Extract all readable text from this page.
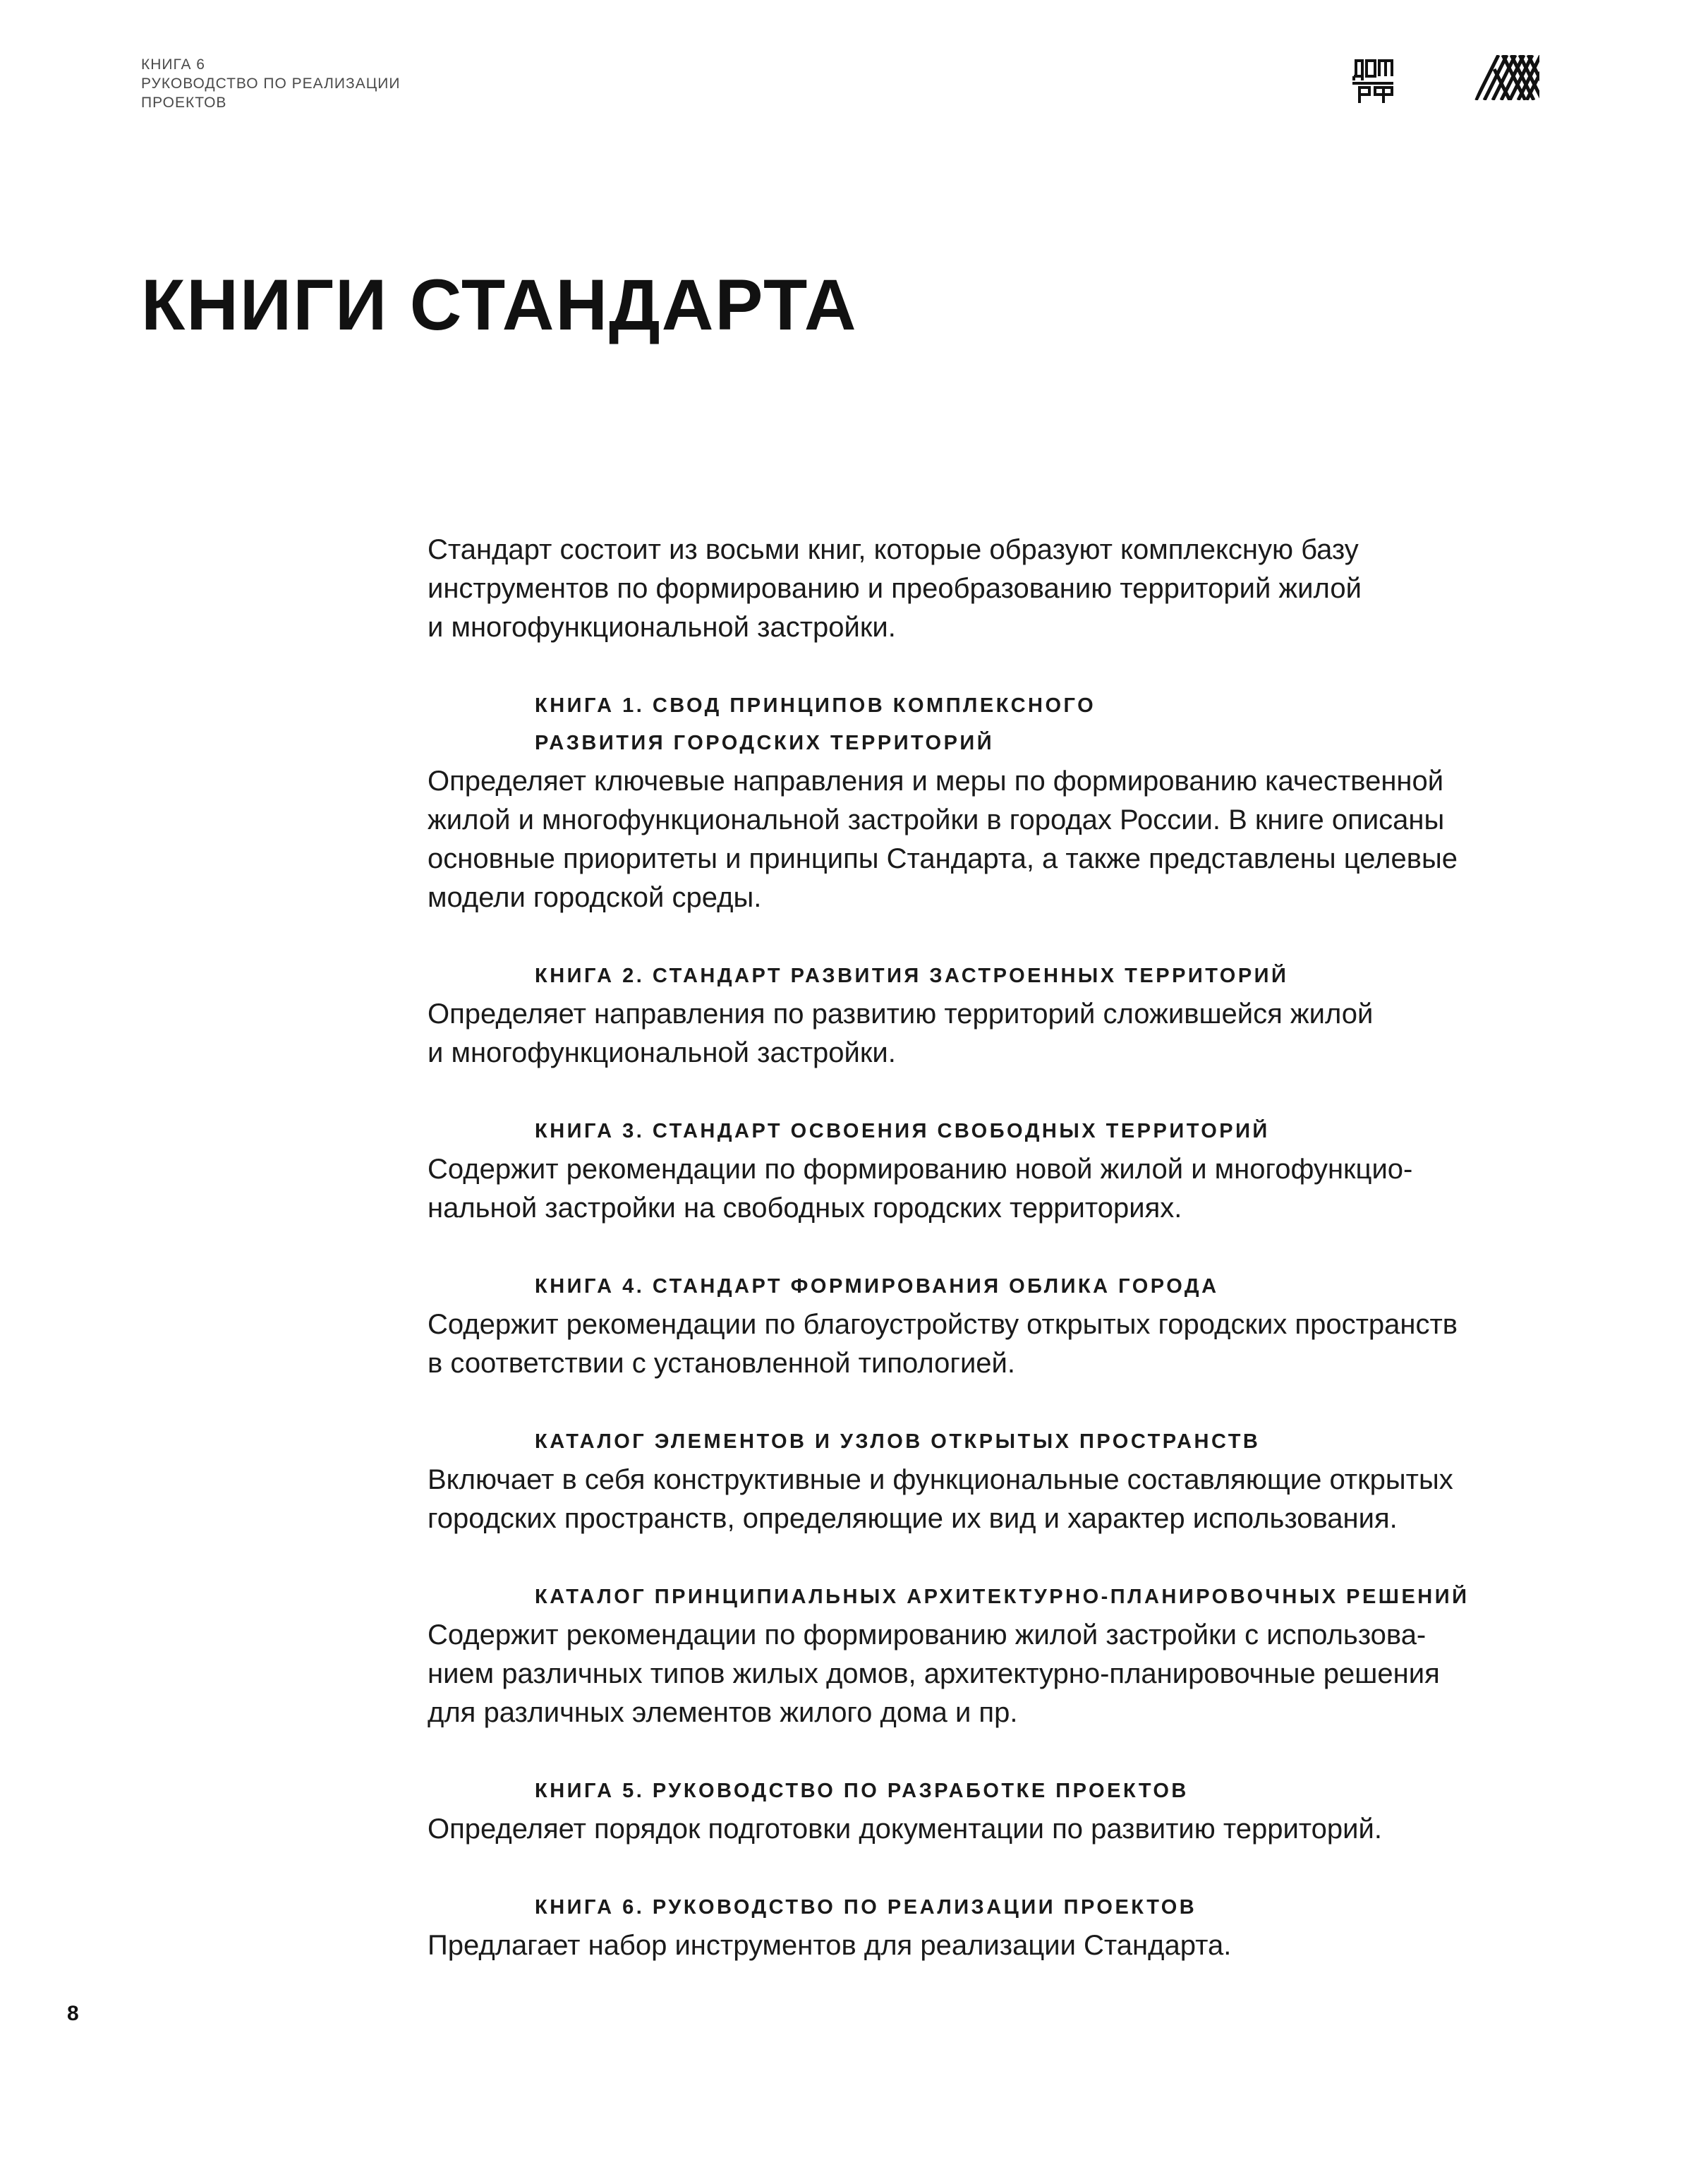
КНИГА 6
РУКОВОДСТВО ПО РЕАЛИЗАЦИИ
ПРОЕКТОВ
КНИГИ СТАНДАРТА

Стандарт состоит из восьми книг, которые образуют комплексную базу
инструментов по формированию и преобразованию территорий жилой
и многофункциональной застройки.

КНИГА 1. СВОД ПРИНЦИПОВ КОМПЛЕКСНОГО
РАЗВИТИЯ ГОРОДСКИХ ТЕРРИТОРИЙ
Определяет ключевые направления и меры по формированию качественной
жилой и многофункциональной застройки в городах России. В книге описаны
основные приоритеты и принципы Стандарта, а также представлены целевые
модели городской среды.
КНИГА 2. СТАНДАРТ РАЗВИТИЯ ЗАСТРОЕННЫХ ТЕРРИТОРИЙ
Определяет направления по развитию территорий сложившейся жилой
и многофункциональной застройки.
КНИГА 3. СТАНДАРТ ОСВОЕНИЯ СВОБОДНЫХ ТЕРРИТОРИЙ
Содержит рекомендации по формированию новой жилой и многофункцио-
нальной застройки на свободных городских территориях.
КНИГА 4. СТАНДАРТ ФОРМИРОВАНИЯ ОБЛИКА ГОРОДА
Содержит рекомендации по благоустройству открытых городских пространств
в соответствии с установленной типологией.
КАТАЛОГ ЭЛЕМЕНТОВ И УЗЛОВ ОТКРЫТЫХ ПРОСТРАНСТВ
Включает в себя конструктивные и функциональные составляющие открытых
городских пространств, определяющие их вид и характер использования.
КАТАЛОГ ПРИНЦИПИАЛЬНЫХ АРХИТЕКТУРНО-ПЛАНИРОВОЧНЫХ РЕШЕНИЙ
Содержит рекомендации по формированию жилой застройки с использова-
нием различных типов жилых домов, архитектурно-планировочные решения
для различных элементов жилого дома и пр.
КНИГА 5. РУКОВОДСТВО ПО РАЗРАБОТКЕ ПРОЕКТОВ
Определяет порядок подготовки документации по развитию территорий.
КНИГА 6. РУКОВОДСТВО ПО РЕАЛИЗАЦИИ ПРОЕКТОВ
Предлагает набор инструментов для реализации Стандарта.
8
